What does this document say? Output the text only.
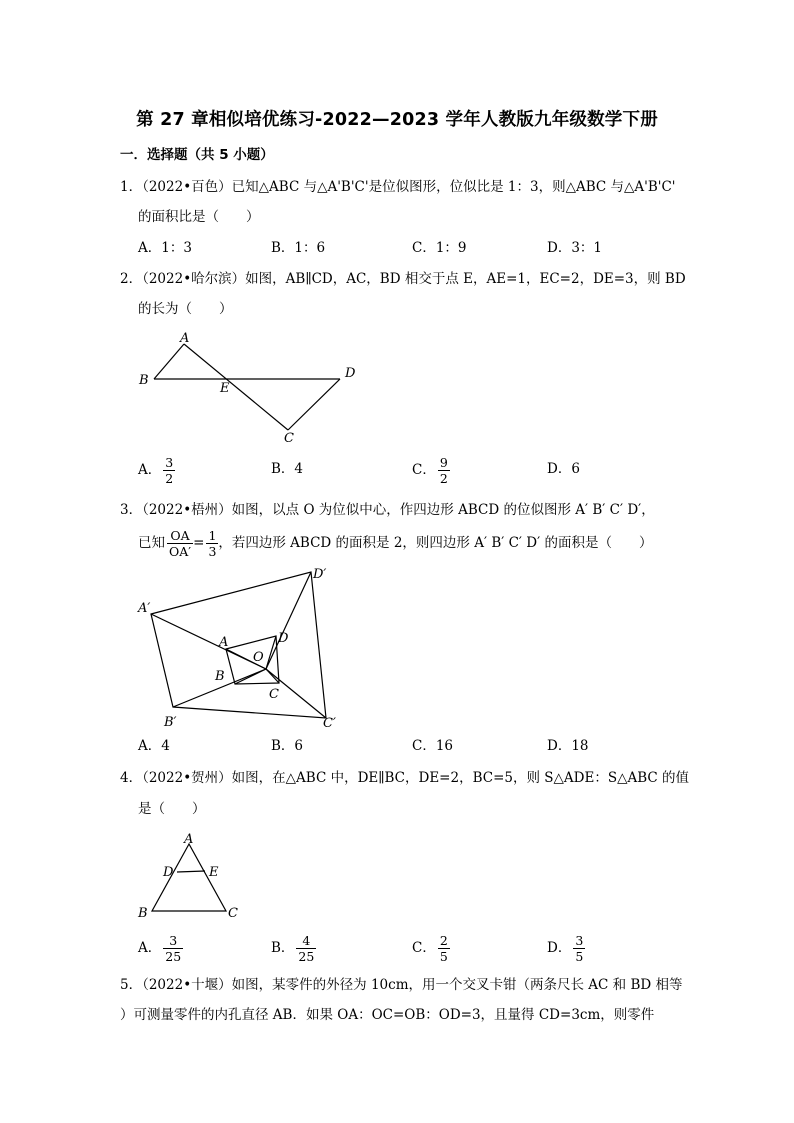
第 27 章相似培优练习-2022—2023 学年人教版九年级数学下册
一．选择题（共 5 小题）
1．（2022•百色）已知△ABC 与△A'B'C'是位似图形，位似比是 1：3，则△ABC 与△A'B'C'
的面积比是（　　）
A．1：3	B．1：6	C．1：9	D．3：1
2．（2022•哈尔滨）如图，AB∥CD，AC，BD 相交于点 E，AE=1，EC=2，DE=3，则 BD
的长为（　　）
A
B
E
D
C
A． $\frac{3}{2}$	B．4	C． $\frac{9}{2}$	D．6
3．（2022•梧州）如图，以点 O 为位似中心，作四边形 ABCD 的位似图形 A′ B′ C′ D′，
已知 $\frac{OA}{OA'} = \frac{1}{3}$ ，若四边形 ABCD 的面积是 2，则四边形 A′ B′ C′ D′ 的面积是（　　）
A′
B′	C′
D′
A
B
C
D
O
A．4	B．6	C．16	D．18
4．（2022•贺州）如图，在△ABC 中，DE∥BC，DE=2，BC=5，则 S△ADE：S△ABC 的值
是（　　）
A
D	E
B	C
A． $\frac{3}{25}$	B． $\frac{4}{25}$	C． $\frac{2}{5}$	D． $\frac{3}{5}$
5．（2022•十堰）如图，某零件的外径为 10cm，用一个交叉卡钳（两条尺长 AC 和 BD 相等
）可测量零件的内孔直径 AB．如果 OA：OC=OB：OD=3，且量得 CD=3cm，则零件
